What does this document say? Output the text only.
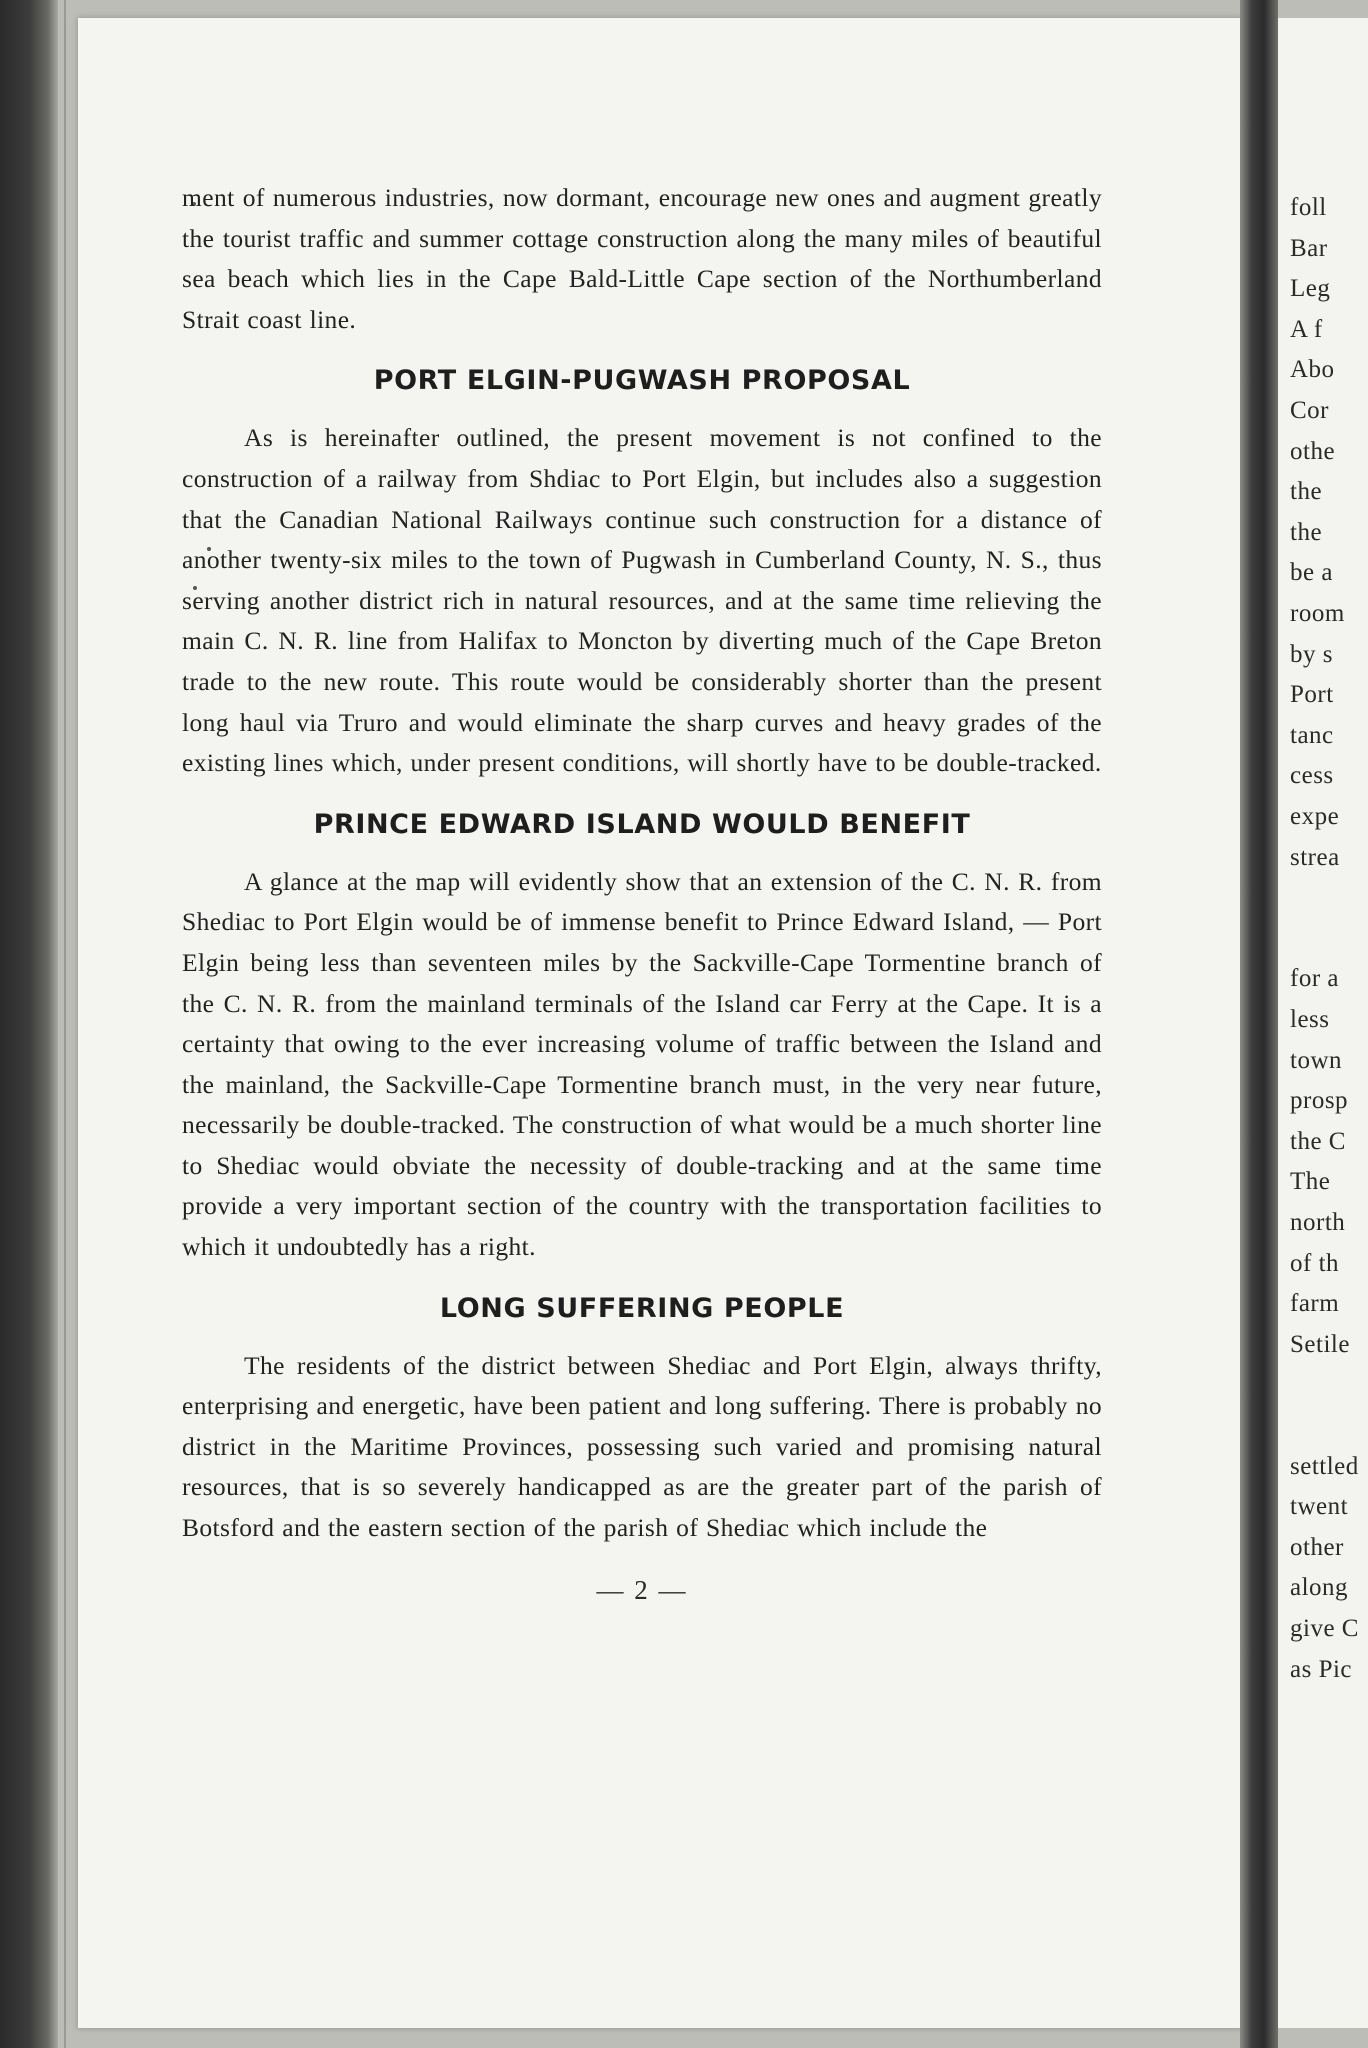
foll
Bar
Leg
A f
Abo
Cor
othe
the
the
be a
room
by s
Port
tanc
cess
expe
strea
for a
less
town
prosp
the C
The
north
of th
farm
Setile
settled
twent
other
along
give C
as Pic

ment of numerous industries, now dormant, encourage new ones and augment greatly the tourist traffic and summer cottage construction along the many miles of beautiful sea beach which lies in the Cape Bald-Little Cape section of the Northumberland Strait coast line.

PORT ELGIN-PUGWASH PROPOSAL

As is hereinafter outlined, the present movement is not confined to the construction of a railway from Shdiac to Port Elgin, but includes also a suggestion that the Canadian National Railways continue such construction for a distance of another twenty-six miles to the town of Pugwash in Cumberland County, N. S., thus serving another district rich in natural resources, and at the same time relieving the main C. N. R. line from Halifax to Moncton by diverting much of the Cape Breton trade to the new route. This route would be considerably shorter than the present long haul via Truro and would eliminate the sharp curves and heavy grades of the existing lines which, under present conditions, will shortly have to be double-tracked.

PRINCE EDWARD ISLAND WOULD BENEFIT

A glance at the map will evidently show that an extension of the C. N. R. from Shediac to Port Elgin would be of immense benefit to Prince Edward Island, — Port Elgin being less than seventeen miles by the Sackville-Cape Tormentine branch of the C. N. R. from the mainland terminals of the Island car Ferry at the Cape. It is a certainty that owing to the ever increasing volume of traffic between the Island and the mainland, the Sackville-Cape Tormentine branch must, in the very near future, necessarily be double-tracked. The construction of what would be a much shorter line to Shediac would obviate the necessity of double-tracking and at the same time provide a very important section of the country with the transportation facilities to which it undoubtedly has a right.

LONG SUFFERING PEOPLE

The residents of the district between Shediac and Port Elgin, always thrifty, enterprising and energetic, have been patient and long suffering. There is probably no district in the Maritime Provinces, possessing such varied and promising natural resources, that is so severely handicapped as are the greater part of the parish of Botsford and the eastern section of the parish of Shediac which include the

— 2 —
